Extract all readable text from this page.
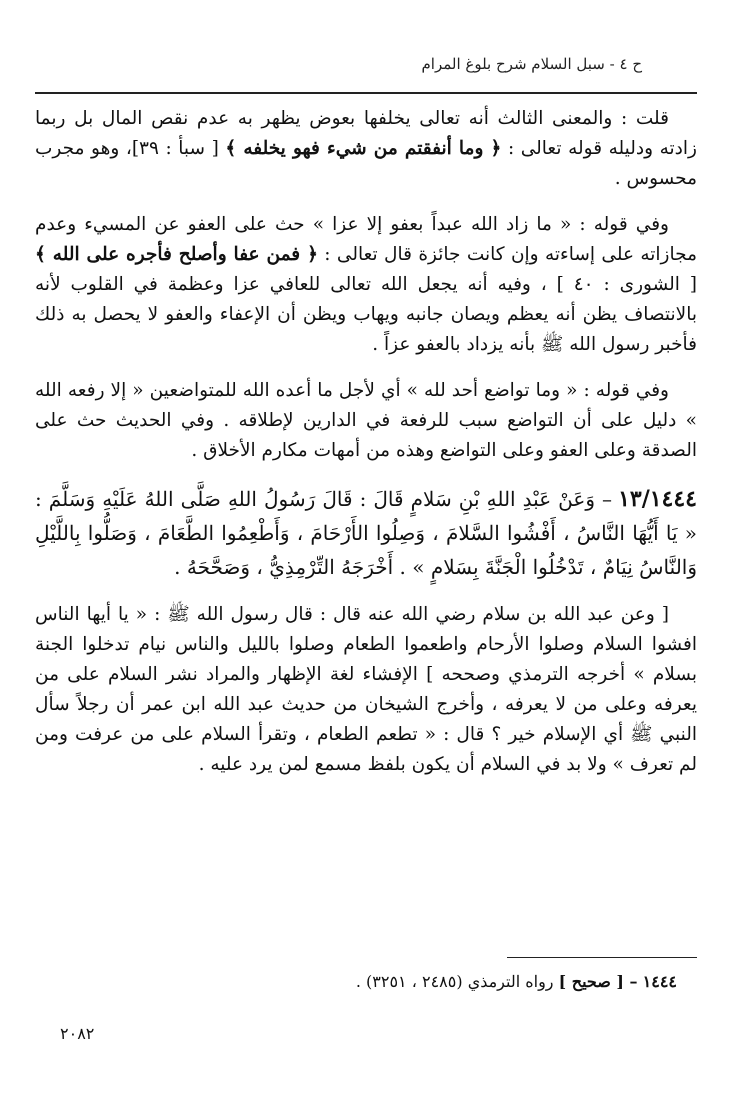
ح ٤ - سبل السلام شرح بلوغ المرام

قلت : والمعنى الثالث أنه تعالى يخلفها بعوض يظهر به عدم نقص المال بل ربما زادته ودليله قوله تعالى : ﴿ وما أنفقتم من شيء فهو يخلفه ﴾ [ سبأ : ٣٩]، وهو مجرب محسوس .

وفي قوله : « ما زاد الله عبداً بعفو إلا عزا » حث على العفو عن المسيء وعدم مجازاته على إساءته وإن كانت جائزة قال تعالى : ﴿ فمن عفا وأصلح فأجره على الله ﴾ [ الشورى : ٤٠ ] ، وفيه أنه يجعل الله تعالى للعافي عزا وعظمة في القلوب لأنه بالانتصاف يظن أنه يعظم ويصان جانبه ويهاب ويظن أن الإعفاء والعفو لا يحصل به ذلك فأخبر رسول الله ﷺ بأنه يزداد بالعفو عزاً .

وفي قوله : « وما تواضع أحد لله » أي لأجل ما أعده الله للمتواضعين « إلا رفعه الله » دليل على أن التواضع سبب للرفعة في الدارين لإطلاقه . وفي الحديث حث على الصدقة وعلى العفو وعلى التواضع وهذه من أمهات مكارم الأخلاق .

١٣/١٤٤٤– وَعَنْ عَبْدِ اللهِ بْنِ سَلامٍ قَالَ : قَالَ رَسُولُ اللهِ صَلَّى اللهُ عَلَيْهِ وَسَلَّمَ : « يَا أَيُّهَا النَّاسُ ، أَفْشُوا السَّلامَ ، وَصِلُوا الأَرْحَامَ ، وَأَطْعِمُوا الطَّعَامَ ، وَصَلُّوا بِاللَّيْلِ وَالنَّاسُ نِيَامٌ ، تَدْخُلُوا الْجَنَّةَ بِسَلامٍ » . أَخْرَجَهُ التِّرْمِذِيُّ ، وَصَحَّحَهُ .

[ وعن عبد الله بن سلام رضي الله عنه قال : قال رسول الله ﷺ : « يا أيها الناس افشوا السلام وصلوا الأرحام واطعموا الطعام وصلوا بالليل والناس نيام تدخلوا الجنة بسلام » أخرجه الترمذي وصححه ] الإفشاء لغة الإظهار والمراد نشر السلام على من يعرفه وعلى من لا يعرفه ، وأخرج الشيخان من حديث عبد الله ابن عمر أن رجلاً سأل النبي ﷺ أي الإسلام خير ؟ قال : « تطعم الطعام ، وتقرأ السلام على من عرفت ومن لم تعرف » ولا بد في السلام أن يكون بلفظ مسمع لمن يرد عليه .

١٤٤٤ – [ صحيح ] رواه الترمذي (٢٤٨٥ ، ٣٢٥١) .
٢٠٨٢
